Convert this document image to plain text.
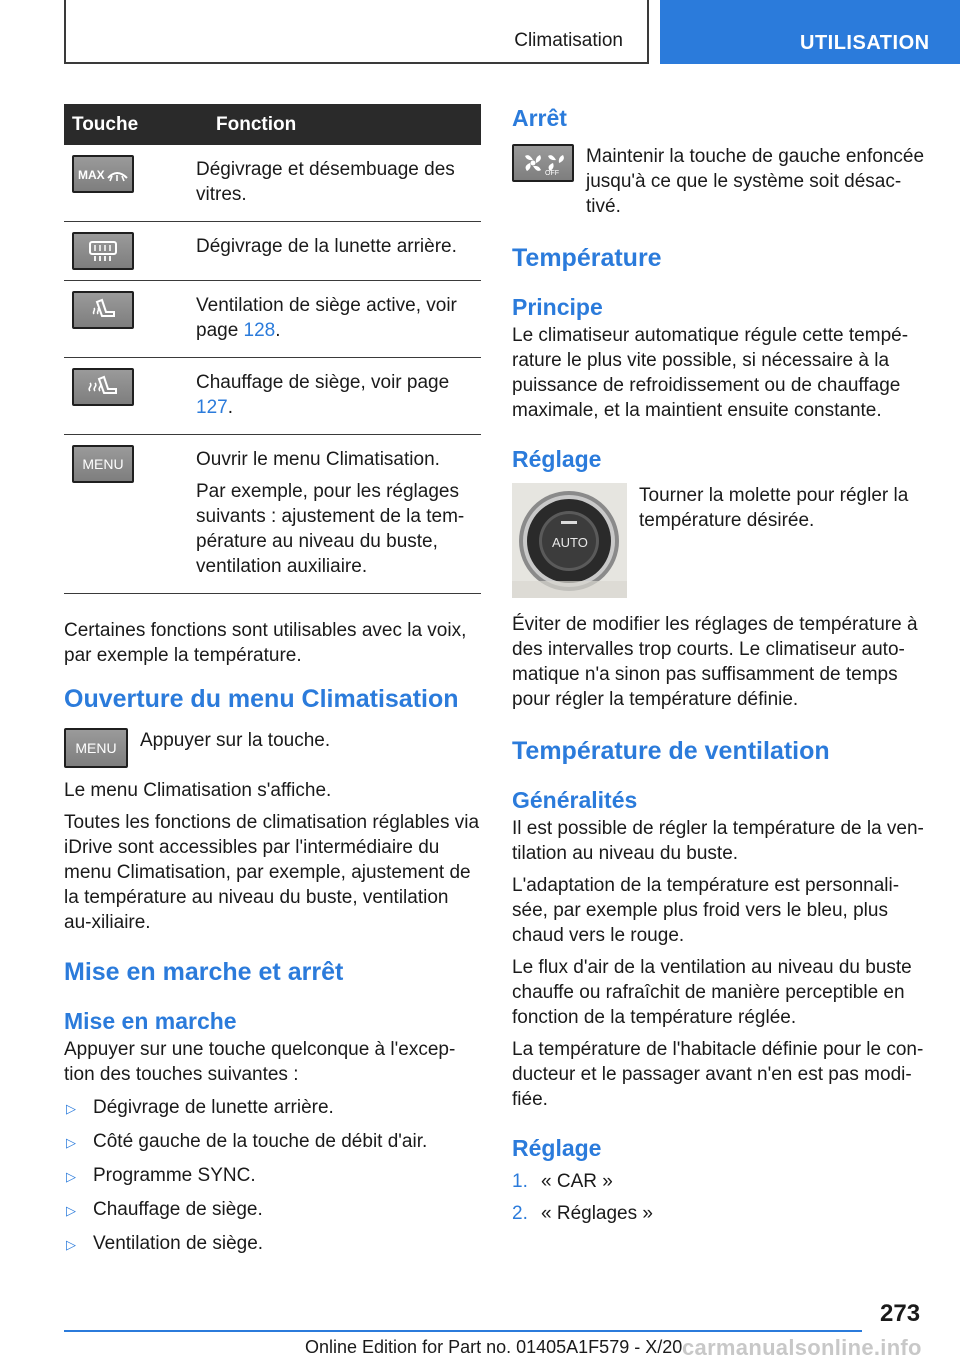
Climatisation	UTILISATION
Touche	Fonction

MAX	Dégivrage et désembuage des vitres.

Dégivrage de la lunette arrière.

Ventilation de siège active, voir page 128.

Chauffage de siège, voir page 127.

MENU	Ouvrir le menu Climatisation.

Par exemple, pour les réglages suivants : ajustement de la tem-pérature au niveau du buste, ventilation auxiliaire.

Certaines fonctions sont utilisables avec la voix, par exemple la température.

Ouverture du menu Climatisation
MENU Appuyer sur la touche.

Le menu Climatisation s'affiche.

Toutes les fonctions de climatisation réglables via iDrive sont accessibles par l'intermédiaire du menu Climatisation, par exemple, ajustement de la température au niveau du buste, ventilation au-xiliaire.

Mise en marche et arrêt
Mise en marche

Appuyer sur une touche quelconque à l'excep-tion des touches suivantes :

▷ Dégivrage de lunette arrière.
▷ Côté gauche de la touche de débit d'air.
▷ Programme SYNC.
▷ Chauffage de siège.
▷ Ventilation de siège.
Arrêt
OFF
Maintenir la touche de gauche enfoncée jusqu'à ce que le système soit désac-tivé.
Température
Principe

Le climatiseur automatique régule cette tempé-rature le plus vite possible, si nécessaire à la puissance de refroidissement ou de chauffage maximale, et la maintient ensuite constante.

Réglage
AUTO
Tourner la molette pour régler la température désirée.

Éviter de modifier les réglages de température à des intervalles trop courts. Le climatiseur auto-matique n'a sinon pas suffisamment de temps pour régler la température définie.

Température de ventilation
Généralités

Il est possible de régler la température de la ven-tilation au niveau du buste.

L'adaptation de la température est personnali-sée, par exemple plus froid vers le bleu, plus chaud vers le rouge.

Le flux d'air de la ventilation au niveau du buste chauffe ou rafraîchit de manière perceptible en fonction de la température réglée.

La température de l'habitacle définie pour le con-ducteur et le passager avant n'en est pas modi-fiée.

Réglage
1. « CAR »
2. « Réglages »
273
Online Edition for Part no. 01405A1F579 - X/20 carmanualsonline.info
